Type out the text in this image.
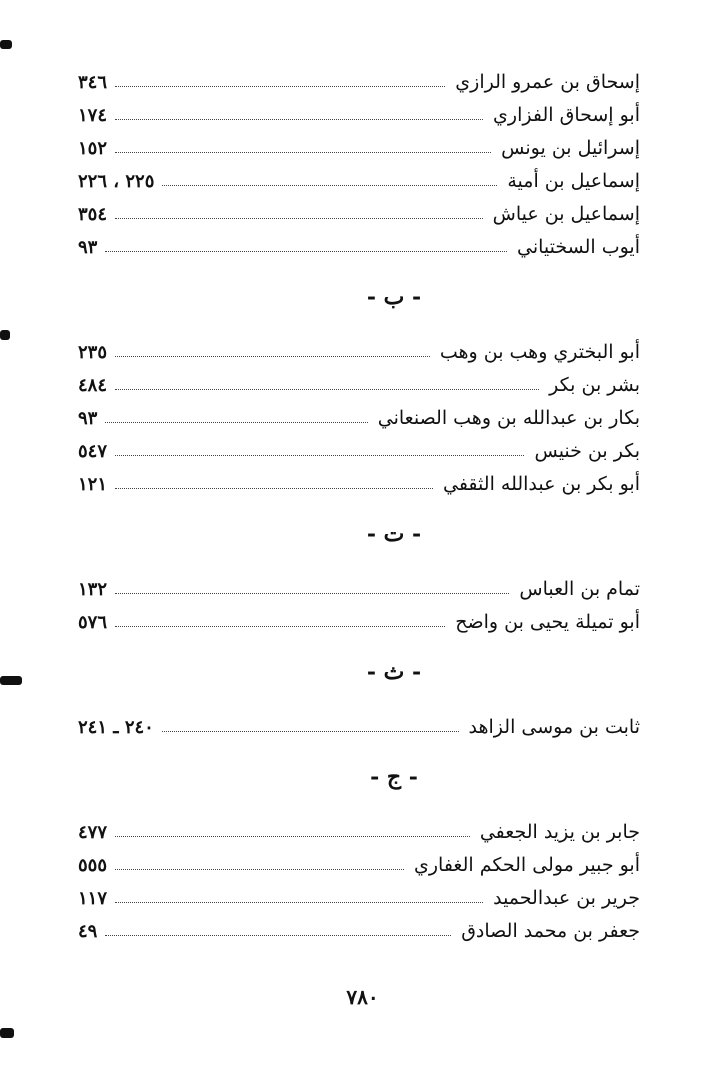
إسحاق بن عمرو الرازي
٣٤٦
أبو إسحاق الفزاري
١٧٤
إسرائيل بن يونس
١٥٢
إسماعيل بن أمية
٢٢٥ ، ٢٢٦
إسماعيل بن عياش
٣٥٤
أيوب السختياني
٩٣
- ب -
أبو البختري وهب بن وهب
٢٣٥
بشر بن بكر
٤٨٤
بكار بن عبدالله بن وهب الصنعاني
٩٣
بكر بن خنيس
٥٤٧
أبو بكر بن عبدالله الثقفي
١٢١
- ت -
تمام بن العباس
١٣٢
أبو تميلة يحيى بن واضح
٥٧٦
- ث -
ثابت بن موسى الزاهد
٢٤٠ ـ ٢٤١
- ج -
جابر بن يزيد الجعفي
٤٧٧
أبو جبير مولى الحكم الغفاري
٥٥٥
جرير بن عبدالحميد
١١٧
جعفر بن محمد الصادق
٤٩
٧٨٠
